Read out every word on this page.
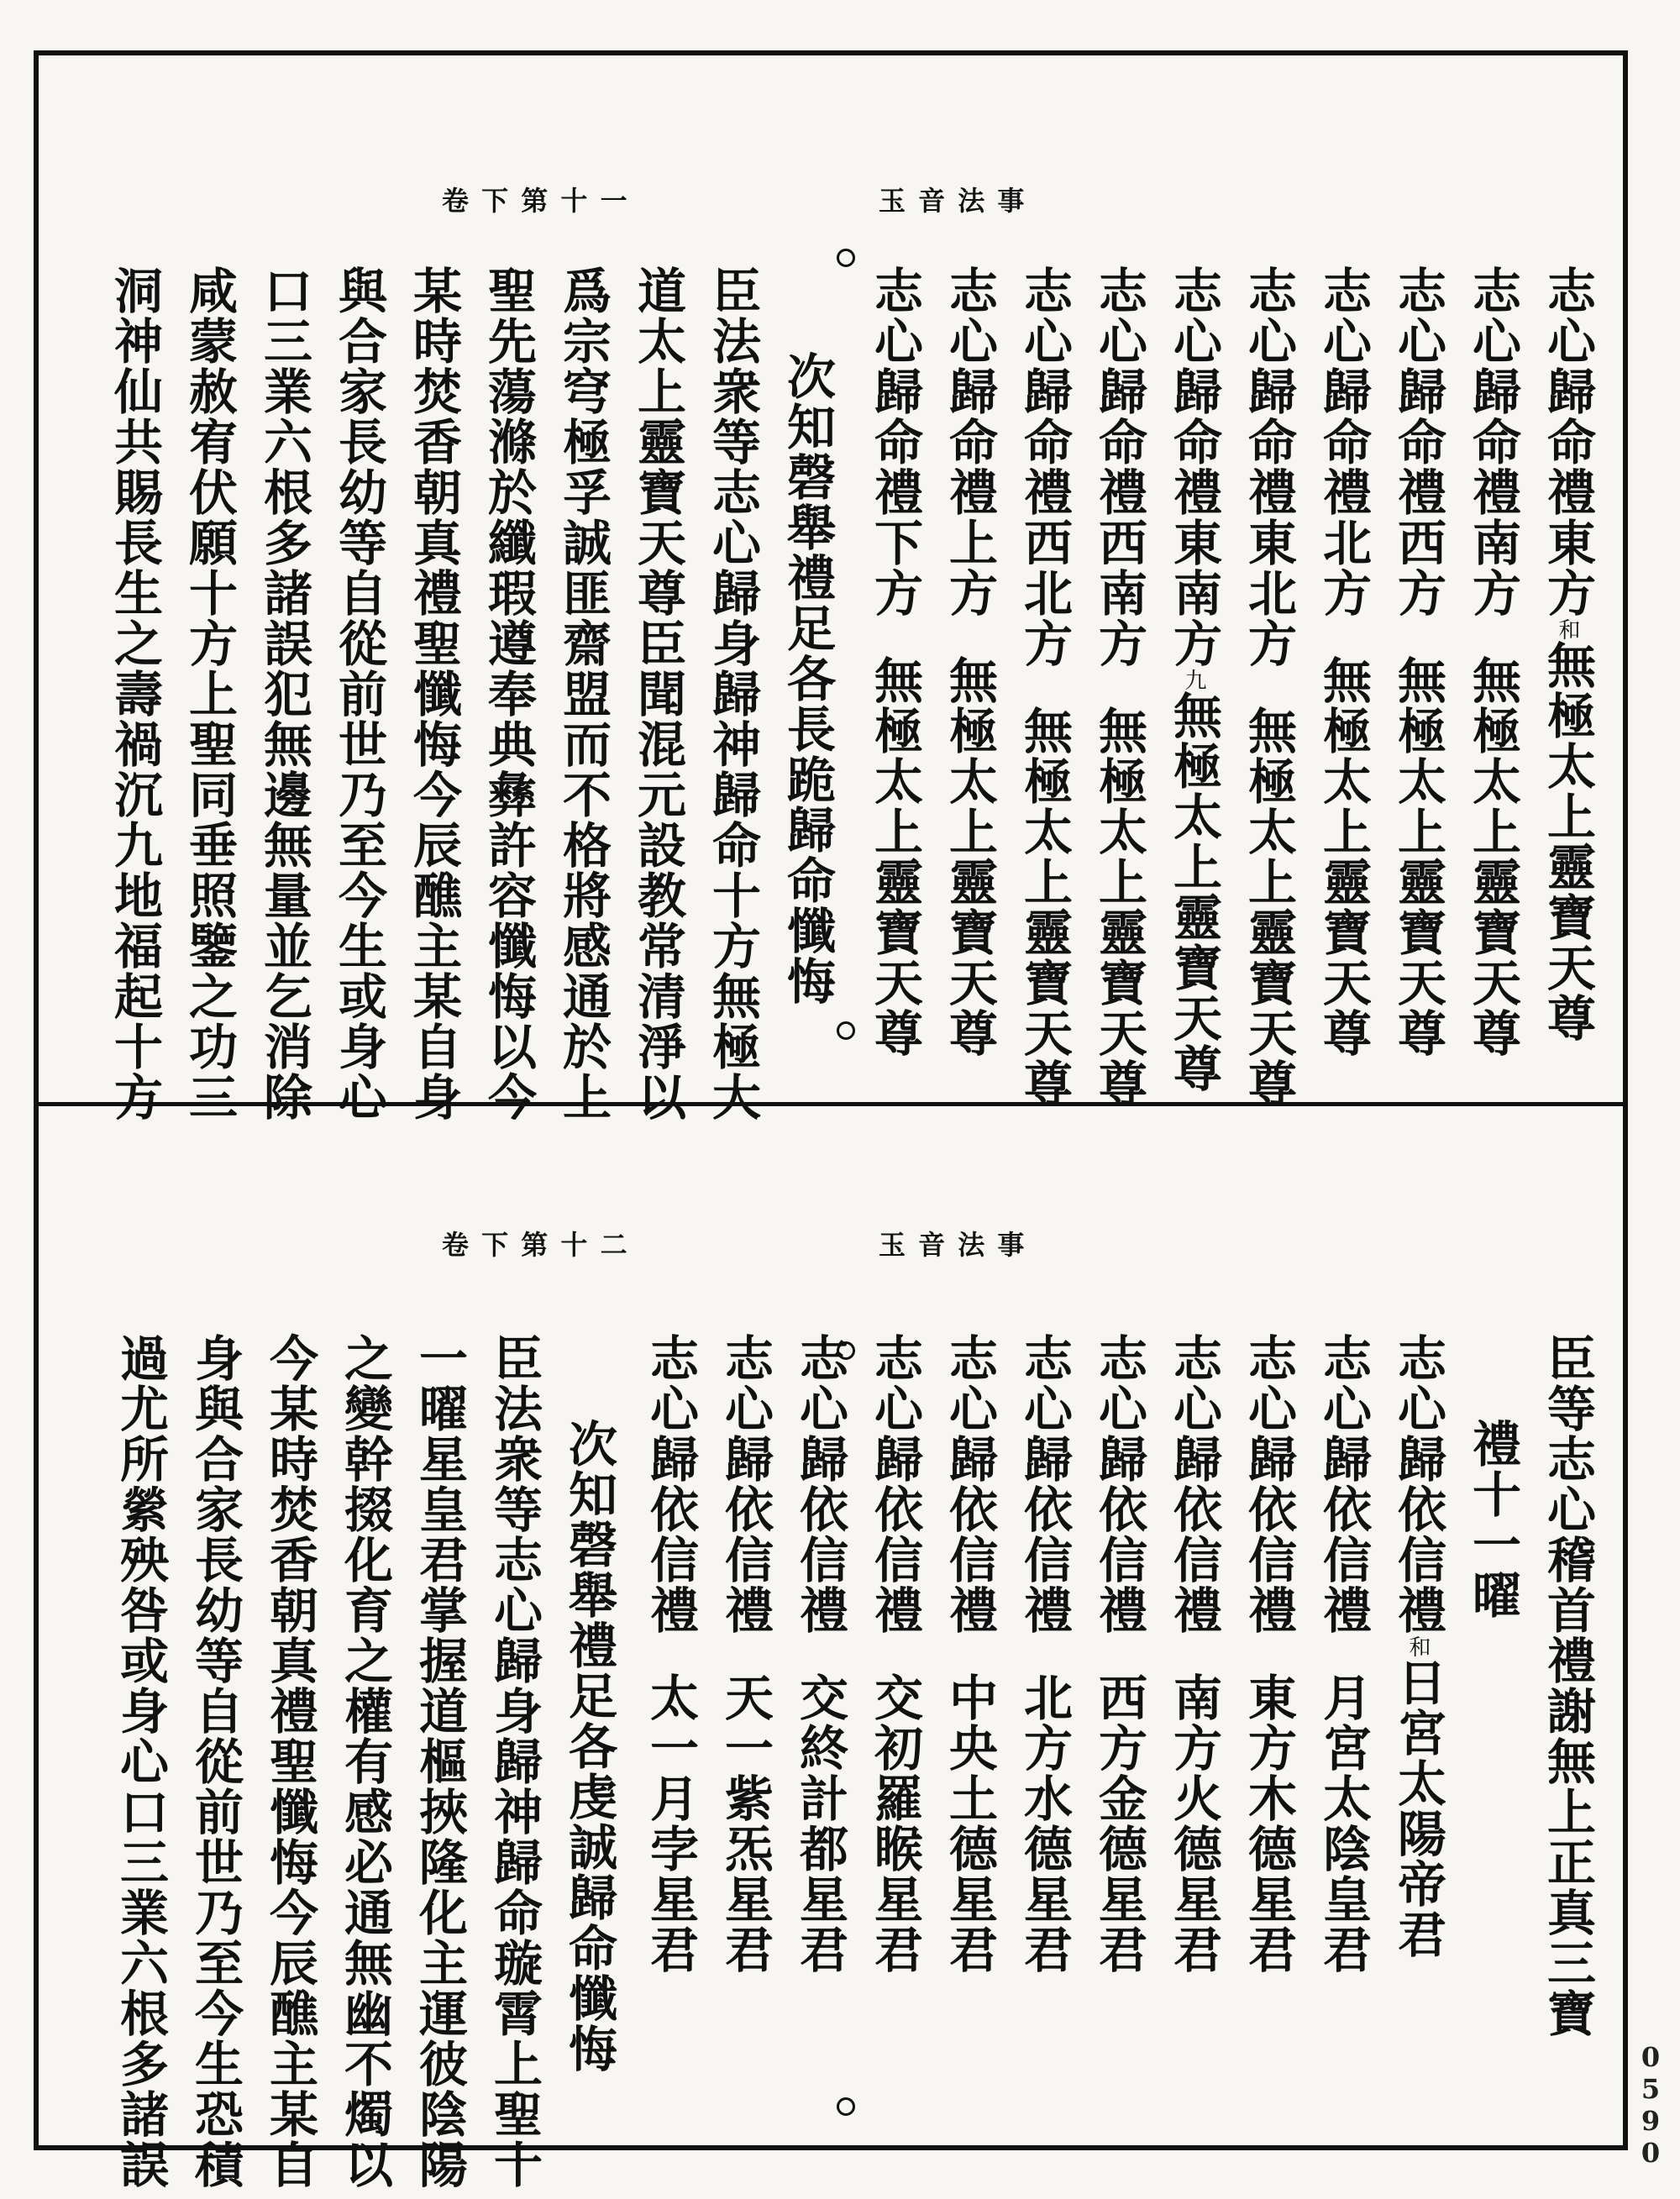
玉 音 法 事
卷 下 第 十 一
志心歸命禮東方和無極太上靈寶天尊
志心歸命禮南方無極太上靈寶天尊
志心歸命禮西方無極太上靈寶天尊
志心歸命禮北方無極太上靈寶天尊
志心歸命禮東北方無極太上靈寶天尊
志心歸命禮東南方九無極太上靈寶天尊
志心歸命禮西南方無極太上靈寶天尊
志心歸命禮西北方無極太上靈寶天尊
志心歸命禮上方無極太上靈寶天尊
志心歸命禮下方無極太上靈寶天尊
次知磬舉禮足各長跪歸命懺悔
臣法衆等志心歸身歸神歸命十方無極大
道太上靈寶天尊臣聞混元設教常清淨以
爲宗穹極孚誠匪齋盟而不格將感通於上
聖先蕩滌於纖瑕遵奉典彝許容懺悔以今
某時焚香朝真禮聖懺悔今辰醮主某自身
與合家長幼等自從前世乃至今生或身心
口三業六根多諸誤犯無邊無量並乞消除
咸蒙赦宥伏願十方上聖同垂照鑒之功三
洞神仙共賜長生之壽禍沉九地福起十方
玉 音 法 事
卷 下 第 十 二
臣等志心稽首禮謝無上正真三寶
禮十一曜
志心歸依信禮和日宮太陽帝君
志心歸依信禮月宮太陰皇君
志心歸依信禮東方木德星君
志心歸依信禮南方火德星君
志心歸依信禮西方金德星君
志心歸依信禮北方水德星君
志心歸依信禮中央土德星君
志心歸依信禮交初羅睺星君
志心歸依信禮交終計都星君
志心歸依信禮天一紫炁星君
志心歸依信禮太一月孛星君
次知磬舉禮足各虔誠歸命懺悔
臣法衆等志心歸身歸神歸命璇霄上聖十
一曜星皇君掌握道樞挾隆化主運彼陰陽
之變幹掇化育之權有感必通無幽不燭以
今某時焚香朝真禮聖懺悔今辰醮主某自
身與合家長幼等自從前世乃至今生恐積
過尤所縈殃咎或身心口三業六根多諸誤	0590
